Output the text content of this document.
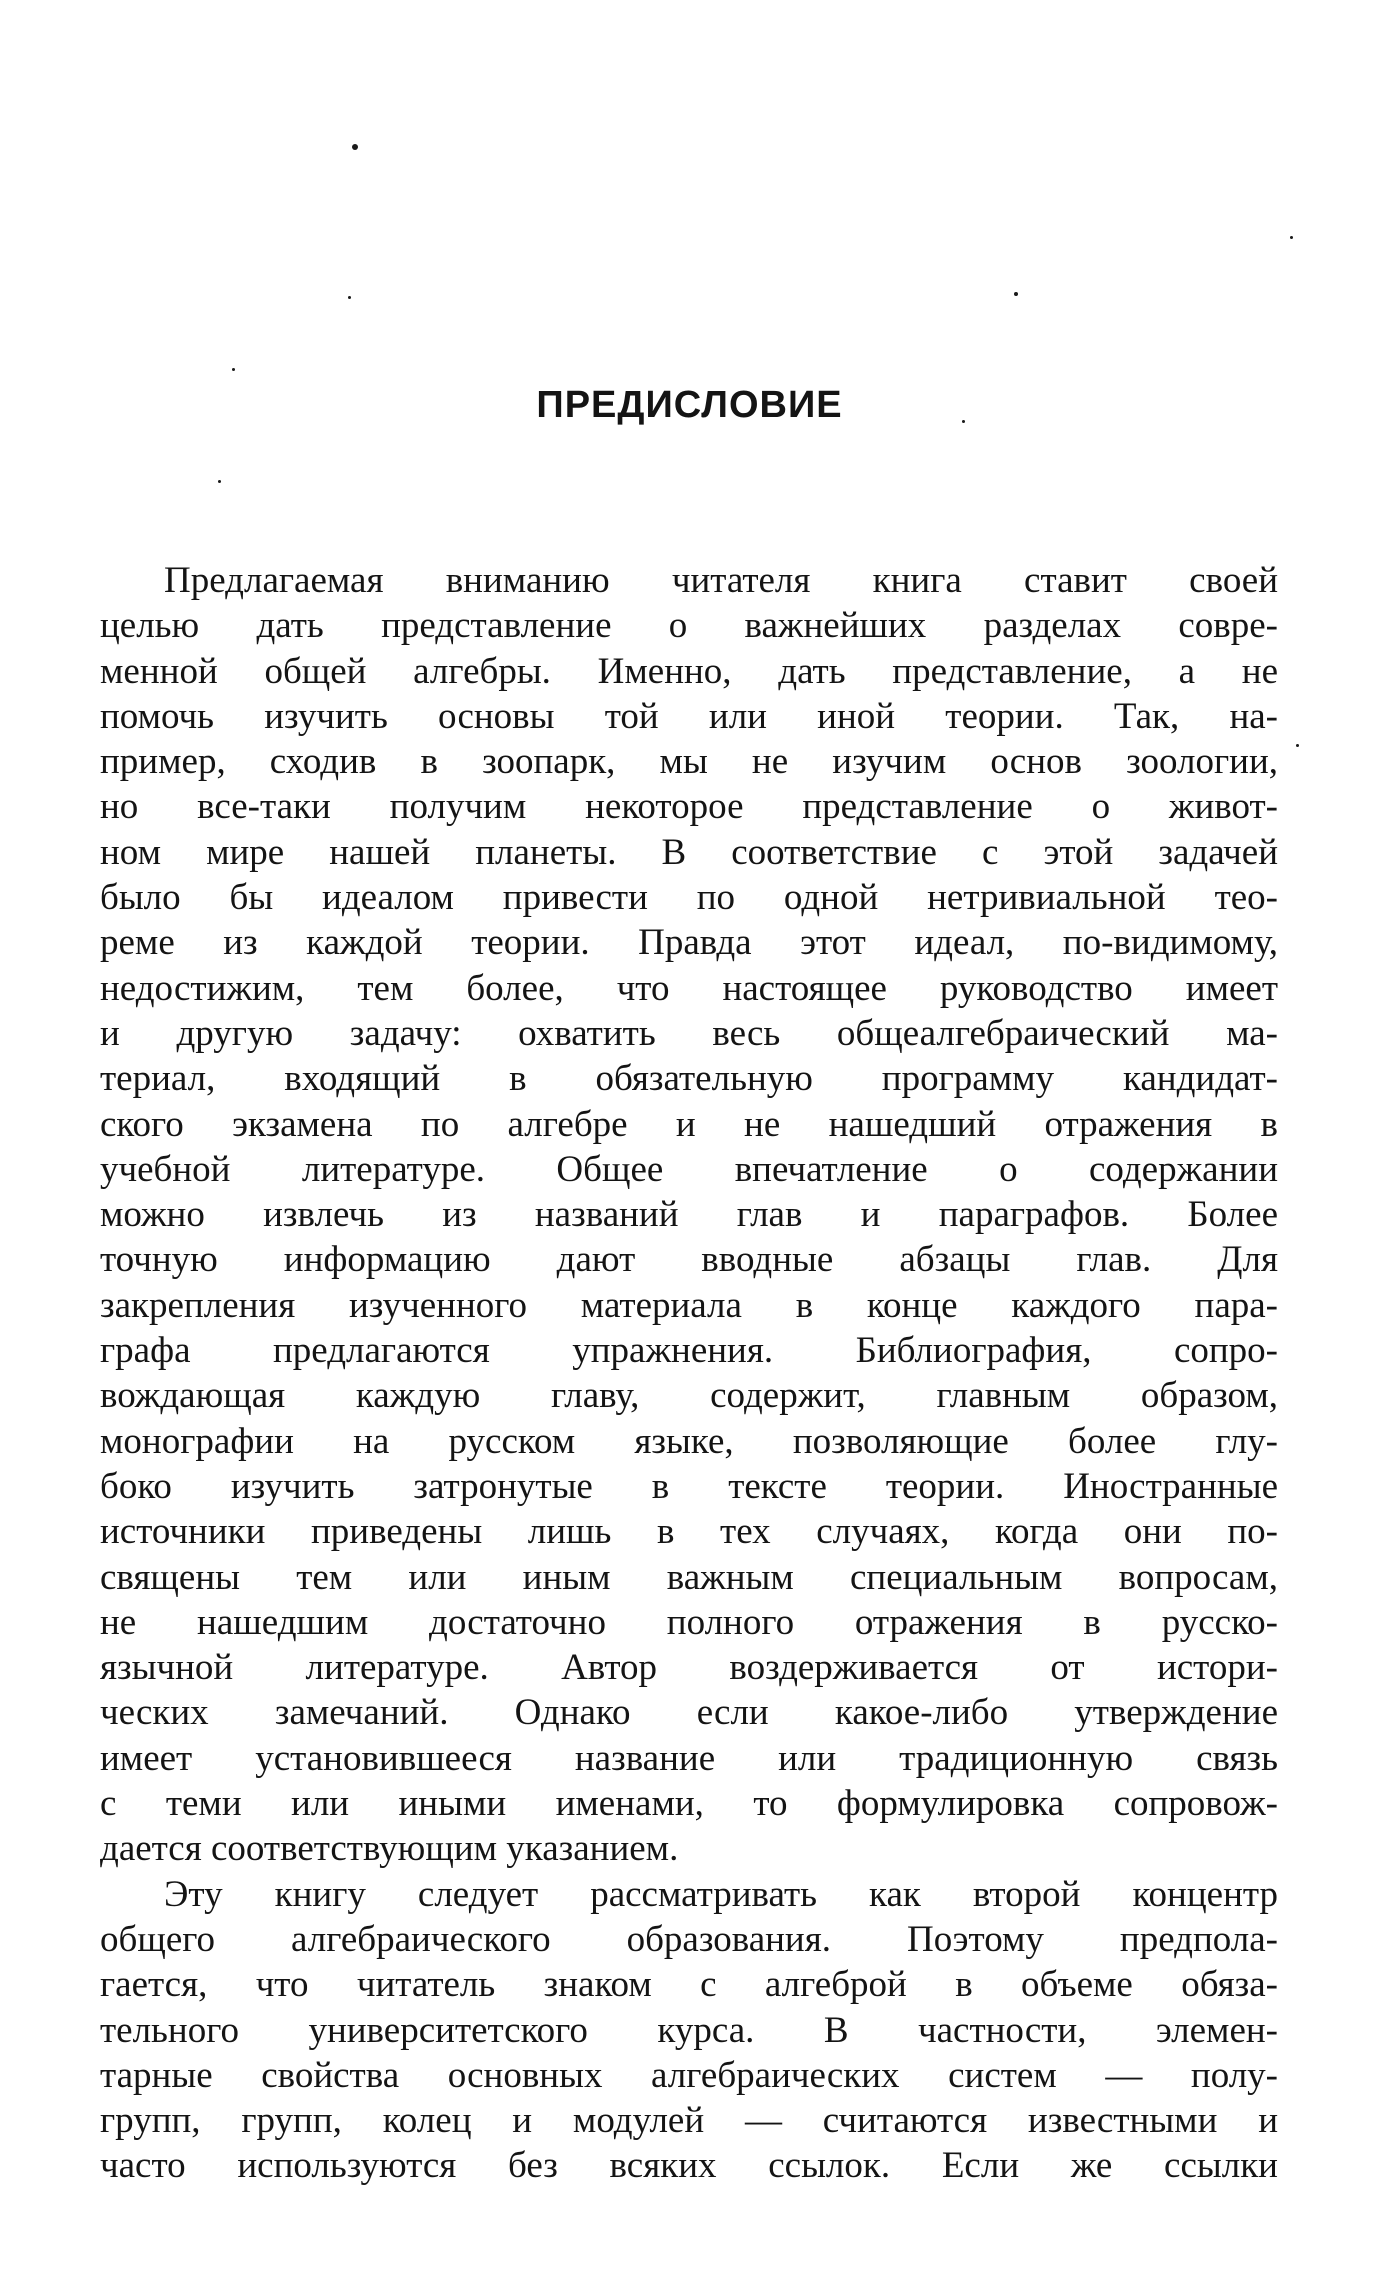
ПРЕДИСЛОВИЕ
Предлагаемая вниманию читателя книга ставит своей
целью дать представление о важнейших разделах совре-
менной общей алгебры. Именно, дать представление, а не
помочь изучить основы той или иной теории. Так, на-
пример, сходив в зоопарк, мы не изучим основ зоологии,
но все-таки получим некоторое представление о живот-
ном мире нашей планеты. В соответствие с этой задачей
было бы идеалом привести по одной нетривиальной тео-
реме из каждой теории. Правда этот идеал, по-видимому,
недостижим, тем более, что настоящее руководство имеет
и другую задачу: охватить весь общеалгебраический ма-
териал, входящий в обязательную программу кандидат-
ского экзамена по алгебре и не нашедший отражения в
учебной литературе. Общее впечатление о содержании
можно извлечь из названий глав и параграфов. Более
точную информацию дают вводные абзацы глав. Для
закрепления изученного материала в конце каждого пара-
графа предлагаются упражнения. Библиография, сопро-
вождающая каждую главу, содержит, главным образом,
монографии на русском языке, позволяющие более глу-
боко изучить затронутые в тексте теории. Иностранные
источники приведены лишь в тех случаях, когда они по-
священы тем или иным важным специальным вопросам,
не нашедшим достаточно полного отражения в русско-
язычной литературе. Автор воздерживается от истори-
ческих замечаний. Однако если какое-либо утверждение
имеет установившееся название или традиционную связь
с теми или иными именами, то формулировка сопровож-
дается соответствующим указанием.
Эту книгу следует рассматривать как второй концентр
общего алгебраического образования. Поэтому предпола-
гается, что читатель знаком с алгеброй в объеме обяза-
тельного университетского курса. В частности, элемен-
тарные свойства основных алгебраических систем — полу-
групп, групп, колец и модулей — считаются известными и
часто используются без всяких ссылок. Если же ссылки
